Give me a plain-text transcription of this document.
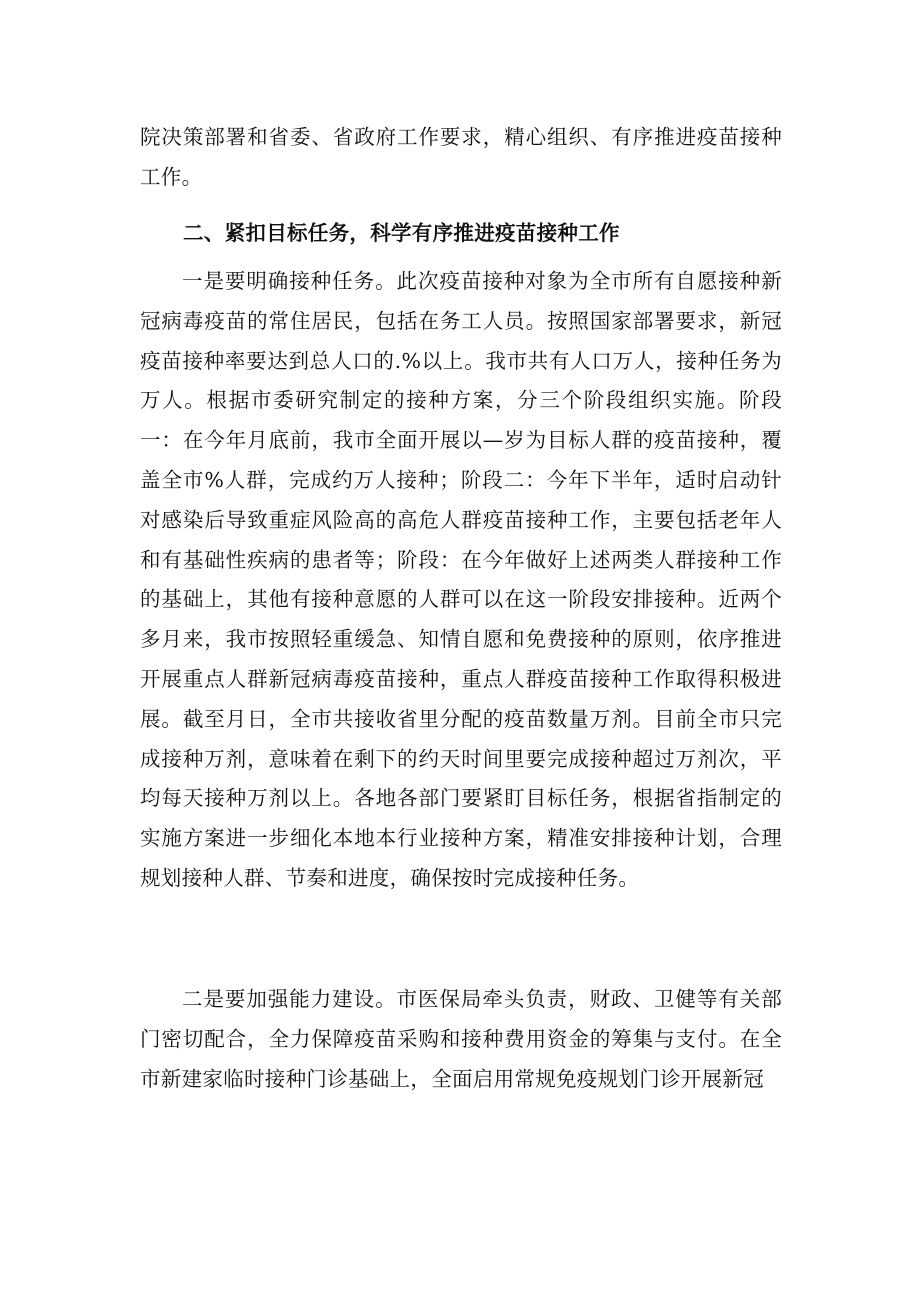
院决策部署和省委、省政府工作要求，精心组织、有序推进疫苗接种工作。

二、紧扣目标任务，科学有序推进疫苗接种工作

一是要明确接种任务。此次疫苗接种对象为全市所有自愿接种新冠病毒疫苗的常住居民，包括在务工人员。按照国家部署要求，新冠疫苗接种率要达到总人口的.%以上。我市共有人口万人，接种任务为万人。根据市委研究制定的接种方案，分三个阶段组织实施。阶段一：在今年月底前，我市全面开展以—岁为目标人群的疫苗接种，覆盖全市%人群，完成约万人接种；阶段二：今年下半年，适时启动针对感染后导致重症风险高的高危人群疫苗接种工作，主要包括老年人和有基础性疾病的患者等；阶段：在今年做好上述两类人群接种工作的基础上，其他有接种意愿的人群可以在这一阶段安排接种。近两个多月来，我市按照轻重缓急、知情自愿和免费接种的原则，依序推进开展重点人群新冠病毒疫苗接种，重点人群疫苗接种工作取得积极进展。截至月日，全市共接收省里分配的疫苗数量万剂。目前全市只完成接种万剂，意味着在剩下的约天时间里要完成接种超过万剂次，平均每天接种万剂以上。各地各部门要紧盯目标任务，根据省指制定的实施方案进一步细化本地本行业接种方案，精准安排接种计划，合理规划接种人群、节奏和进度，确保按时完成接种任务。

二是要加强能力建设。市医保局牵头负责，财政、卫健等有关部门密切配合，全力保障疫苗采购和接种费用资金的筹集与支付。在全市新建家临时接种门诊基础上，全面启用常规免疫规划门诊开展新冠
